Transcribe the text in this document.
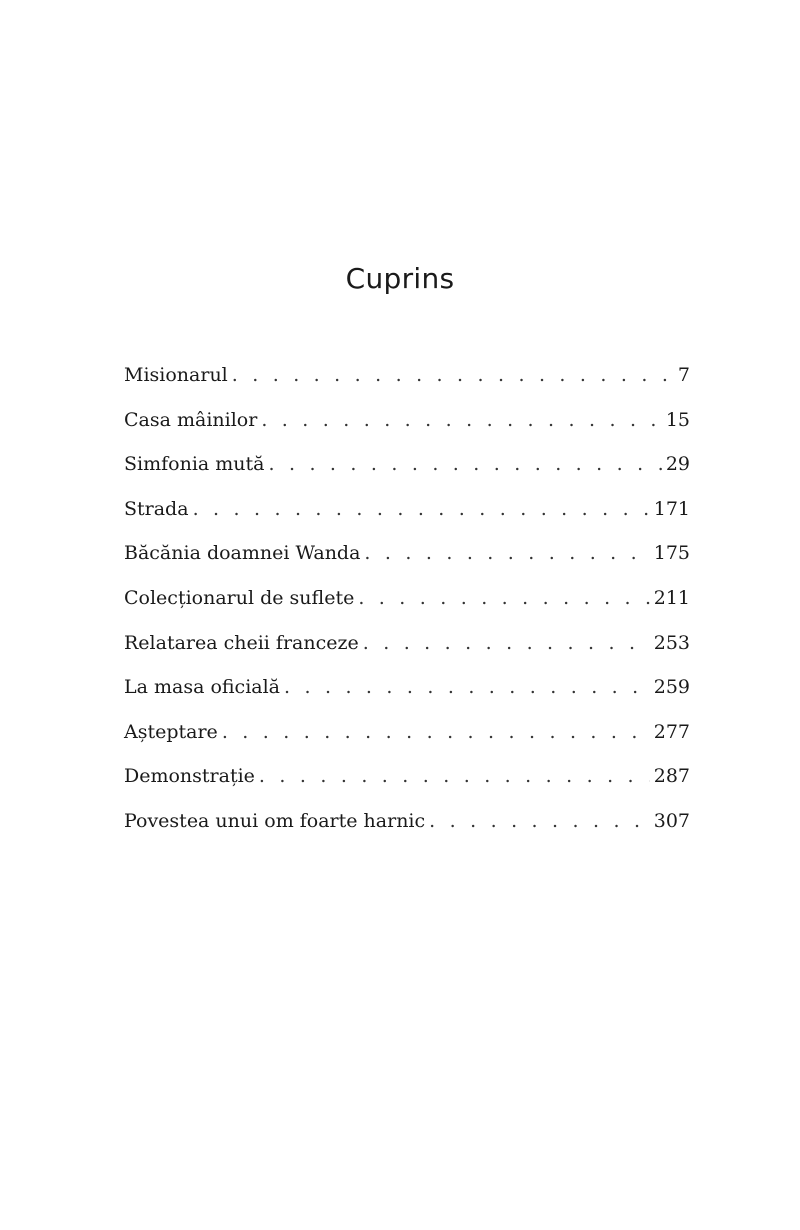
Cuprins
Misionarul . . .	7
Casa mâinilor . . .	15
Simfonia mută . . .	29
Strada . . .	171
Băcănia doamnei Wanda . . .	175
Colecționarul de suflete . . .	211
Relatarea cheii franceze . . .	253
La masa oficială . . .	259
Așteptare . . .	277
Demonstrație . . .	287
Povestea unui om foarte harnic . . .	307
